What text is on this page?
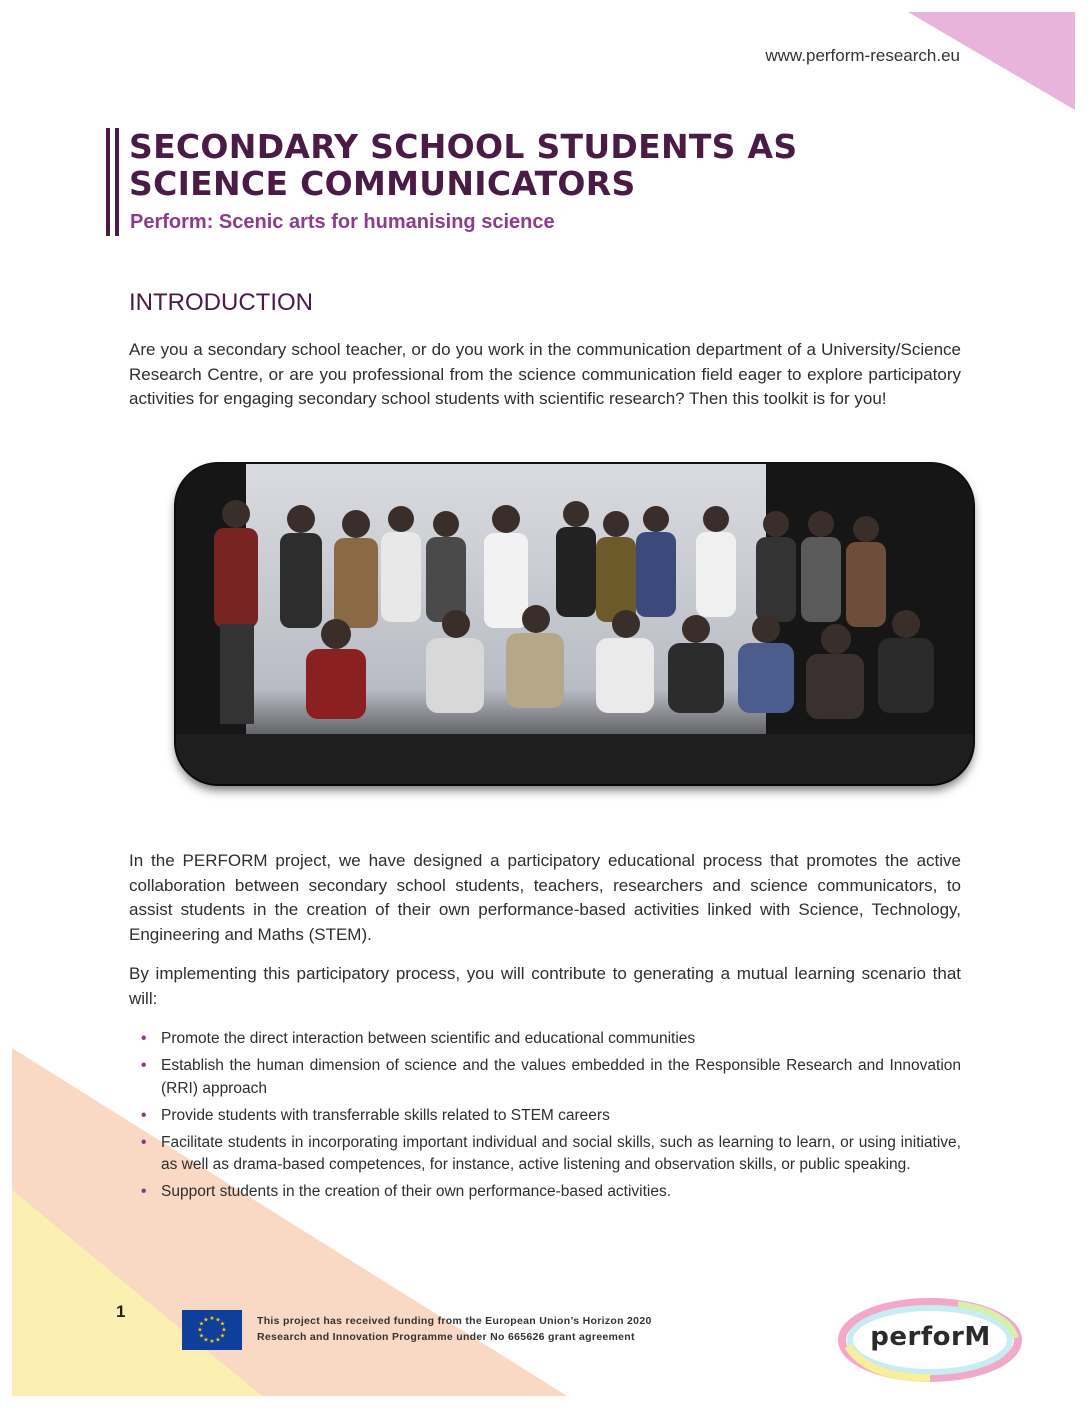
www.perform-research.eu
SECONDARY SCHOOL STUDENTS AS
SCIENCE COMMUNICATORS
Perform: Scenic arts for humanising science
INTRODUCTION

Are you a secondary school teacher, or do you work in the communication department of a University/Science Research Centre, or are you professional from the science communication field eager to explore participatory activities for engaging secondary school students with scientific research? Then this toolkit is for you!

In the PERFORM project, we have designed a participatory educational process that promotes the active collaboration between secondary school students, teachers, researchers and science communicators, to assist students in the creation of their own performance-based activities linked with Science, Technology, Engineering and Maths (STEM).

By implementing this participatory process, you will contribute to generating a mutual learning scenario that will:

• Promote the direct interaction between scientific and educational communities
• Establish the human dimension of science and the values embedded in the Responsible Research and Innovation (RRI) approach
• Provide students with transferrable skills related to STEM careers
• Facilitate students in incorporating important individual and social skills, such as learning to learn, or using initiative, as well as drama-based competences, for instance, active listening and observation skills, or public speaking.
• Support students in the creation of their own performance-based activities.
1	★ ★
★
★
★
★
★
★
★
★
★
★	This project has received funding from the European Union’s Horizon 2020
Research and Innovation Programme under No 665626 grant agreement	perforM
